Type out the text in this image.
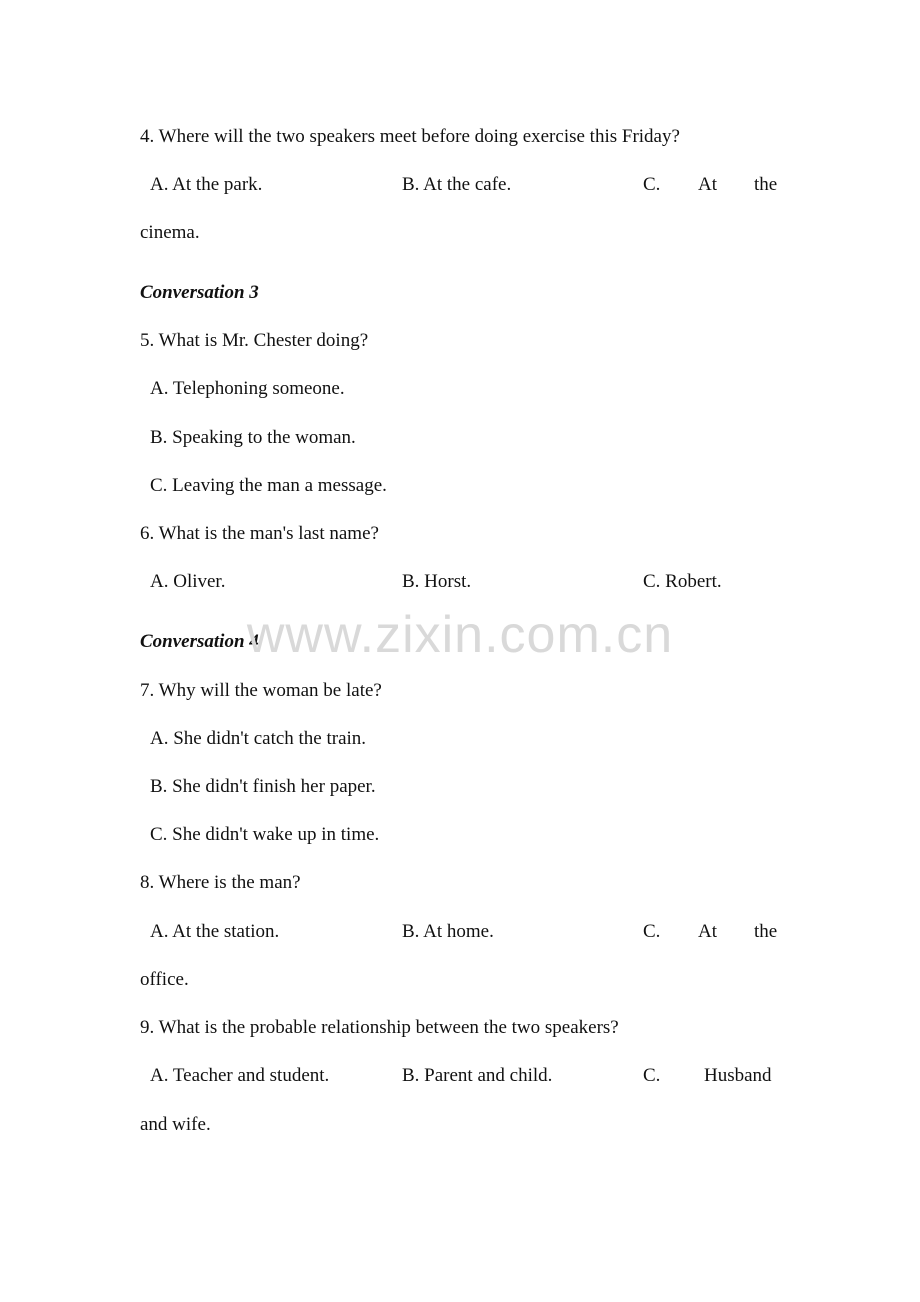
4. Where will the two speakers meet before doing exercise this Friday?
A. At the park.	B. At the cafe.	C. At the
cinema.
Conversation 3
5. What is Mr. Chester doing?
A. Telephoning someone.
B. Speaking to the woman.
C. Leaving the man a message.
6. What is the man's last name?
A. Oliver.	B. Horst.	C. Robert.
Conversation 4
7. Why will the woman be late?
A. She didn't catch the train.
B. She didn't finish her paper.
C. She didn't wake up in time.
8. Where is the man?
A. At the station.	B. At home.	C. At the
office.
9. What is the probable relationship between the two speakers?
A. Teacher and student.	B. Parent and child.	C. Husband
and wife.
www.zixin.com.cn
